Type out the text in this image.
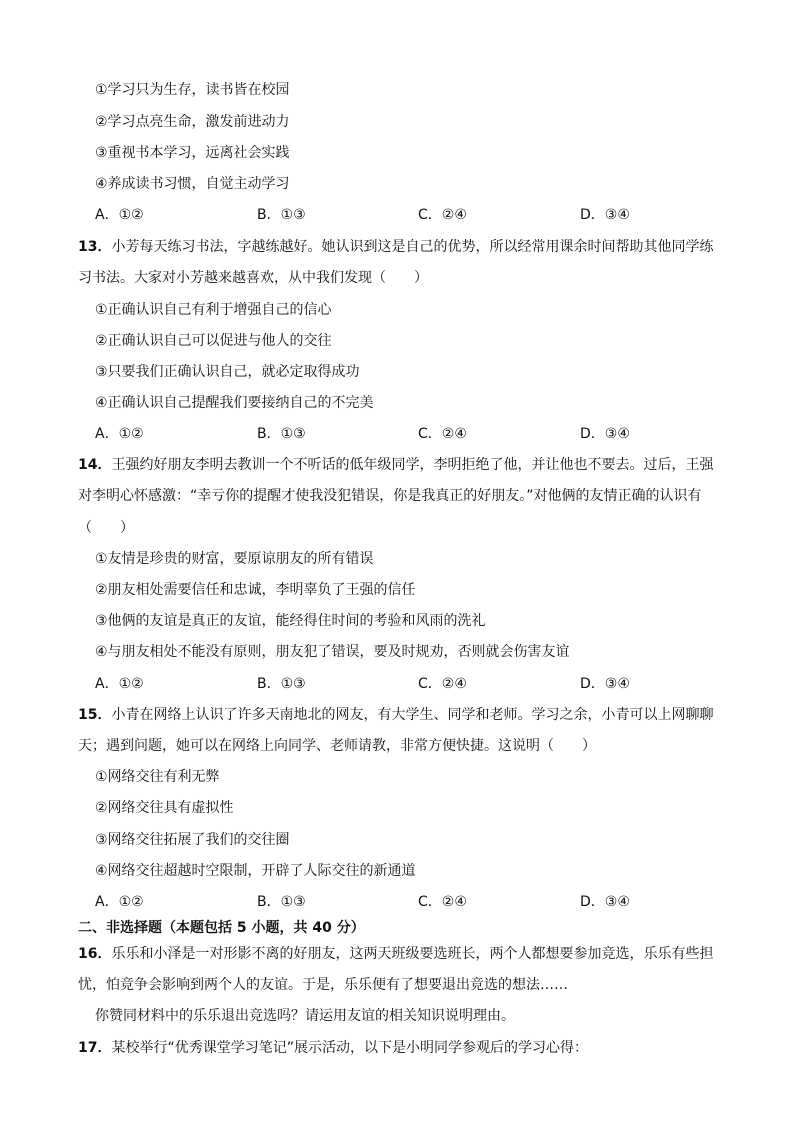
①学习只为生存，读书皆在校园
②学习点亮生命，激发前进动力
③重视书本学习，远离社会实践
④养成读书习惯，自觉主动学习
A．①②	B．①③	C．②④	D．③④
13．小芳每天练习书法，字越练越好。她认识到这是自己的优势，所以经常用课余时间帮助其他同学练
习书法。大家对小芳越来越喜欢，从中我们发现（　　）
①正确认识自己有利于增强自己的信心
②正确认识自己可以促进与他人的交往
③只要我们正确认识自己，就必定取得成功
④正确认识自己提醒我们要接纳自己的不完美
A．①②	B．①③	C．②④	D．③④
14．王强约好朋友李明去教训一个不听话的低年级同学，李明拒绝了他，并让他也不要去。过后，王强
对李明心怀感激：“幸亏你的提醒才使我没犯错误，你是我真正的好朋友。”对他俩的友情正确的认识有
（　　）
①友情是珍贵的财富，要原谅朋友的所有错误
②朋友相处需要信任和忠诚，李明辜负了王强的信任
③他俩的友谊是真正的友谊，能经得住时间的考验和风雨的洗礼
④与朋友相处不能没有原则，朋友犯了错误，要及时规劝，否则就会伤害友谊
A．①②	B．①③	C．②④	D．③④
15．小青在网络上认识了许多天南地北的网友，有大学生、同学和老师。学习之余，小青可以上网聊聊
天；遇到问题，她可以在网络上向同学、老师请教，非常方便快捷。这说明（　　）
①网络交往有利无弊
②网络交往具有虚拟性
③网络交往拓展了我们的交往圈
④网络交往超越时空限制，开辟了人际交往的新通道
A．①②	B．①③	C．②④	D．③④
二、非选择题（本题包括 5 小题，共 40 分）
16．乐乐和小泽是一对形影不离的好朋友，这两天班级要选班长，两个人都想要参加竞选，乐乐有些担
忧，怕竞争会影响到两个人的友谊。于是，乐乐便有了想要退出竞选的想法……
你赞同材料中的乐乐退出竞选吗？请运用友谊的相关知识说明理由。
17．某校举行“优秀课堂学习笔记”展示活动，以下是小明同学参观后的学习心得：
